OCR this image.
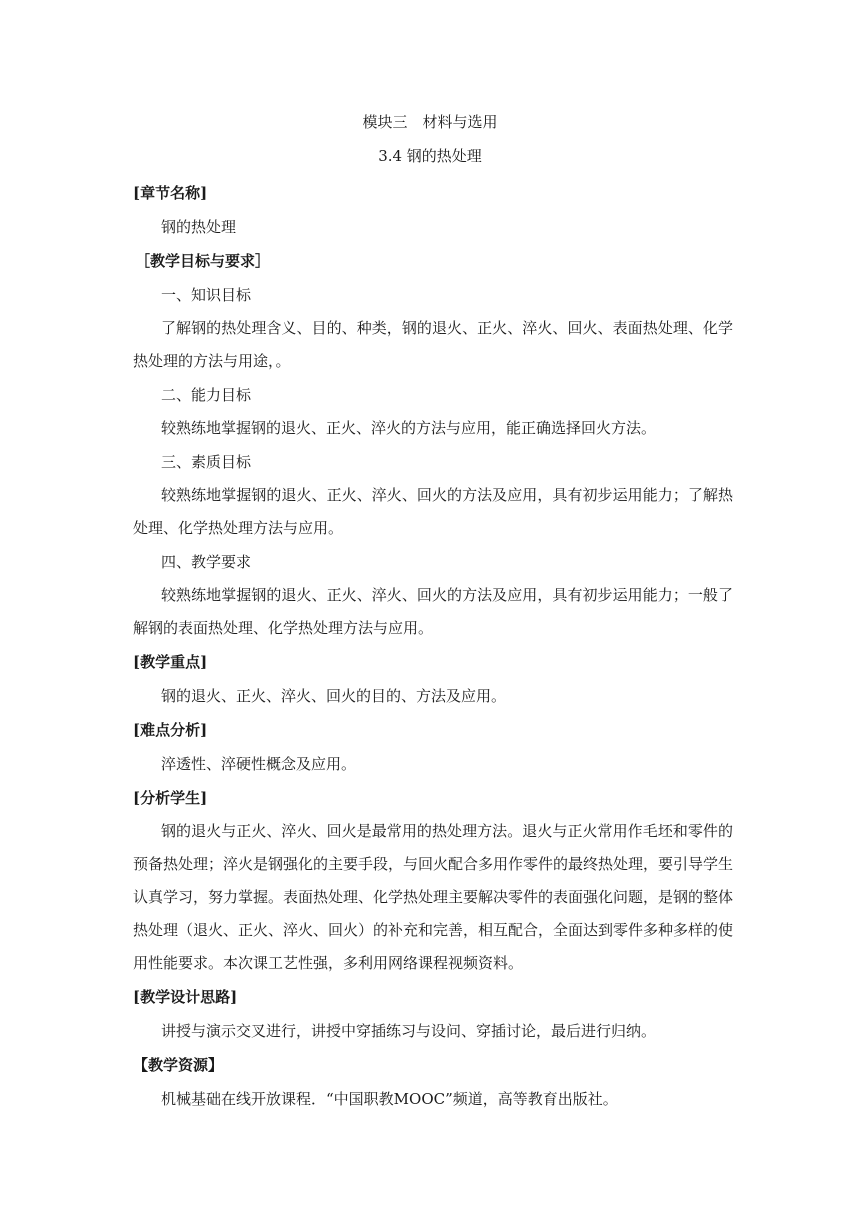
模块三　材料与选用
3.4 钢的热处理
[章节名称]
钢的热处理
［教学目标与要求］
一、知识目标
了解钢的热处理含义、目的、种类，钢的退火、正火、淬火、回火、表面热处理、化学热处理的方法与用途，。
二、能力目标
较熟练地掌握钢的退火、正火、淬火的方法与应用，能正确选择回火方法。
三、素质目标
较熟练地掌握钢的退火、正火、淬火、回火的方法及应用，具有初步运用能力；了解热处理、化学热处理方法与应用。
四、教学要求
较熟练地掌握钢的退火、正火、淬火、回火的方法及应用，具有初步运用能力；一般了解钢的表面热处理、化学热处理方法与应用。
[教学重点]
钢的退火、正火、淬火、回火的目的、方法及应用。
[难点分析]
淬透性、淬硬性概念及应用。
[分析学生]
钢的退火与正火、淬火、回火是最常用的热处理方法。退火与正火常用作毛坯和零件的预备热处理；淬火是钢强化的主要手段，与回火配合多用作零件的最终热处理，要引导学生认真学习，努力掌握。表面热处理、化学热处理主要解决零件的表面强化问题，是钢的整体热处理（退火、正火、淬火、回火）的补充和完善，相互配合，全面达到零件多种多样的使用性能要求。本次课工艺性强，多利用网络课程视频资料。
[教学设计思路]
讲授与演示交叉进行，讲授中穿插练习与设问、穿插讨论，最后进行归纳。
【教学资源】
机械基础在线开放课程．“中国职教MOOC”频道，高等教育出版社。
